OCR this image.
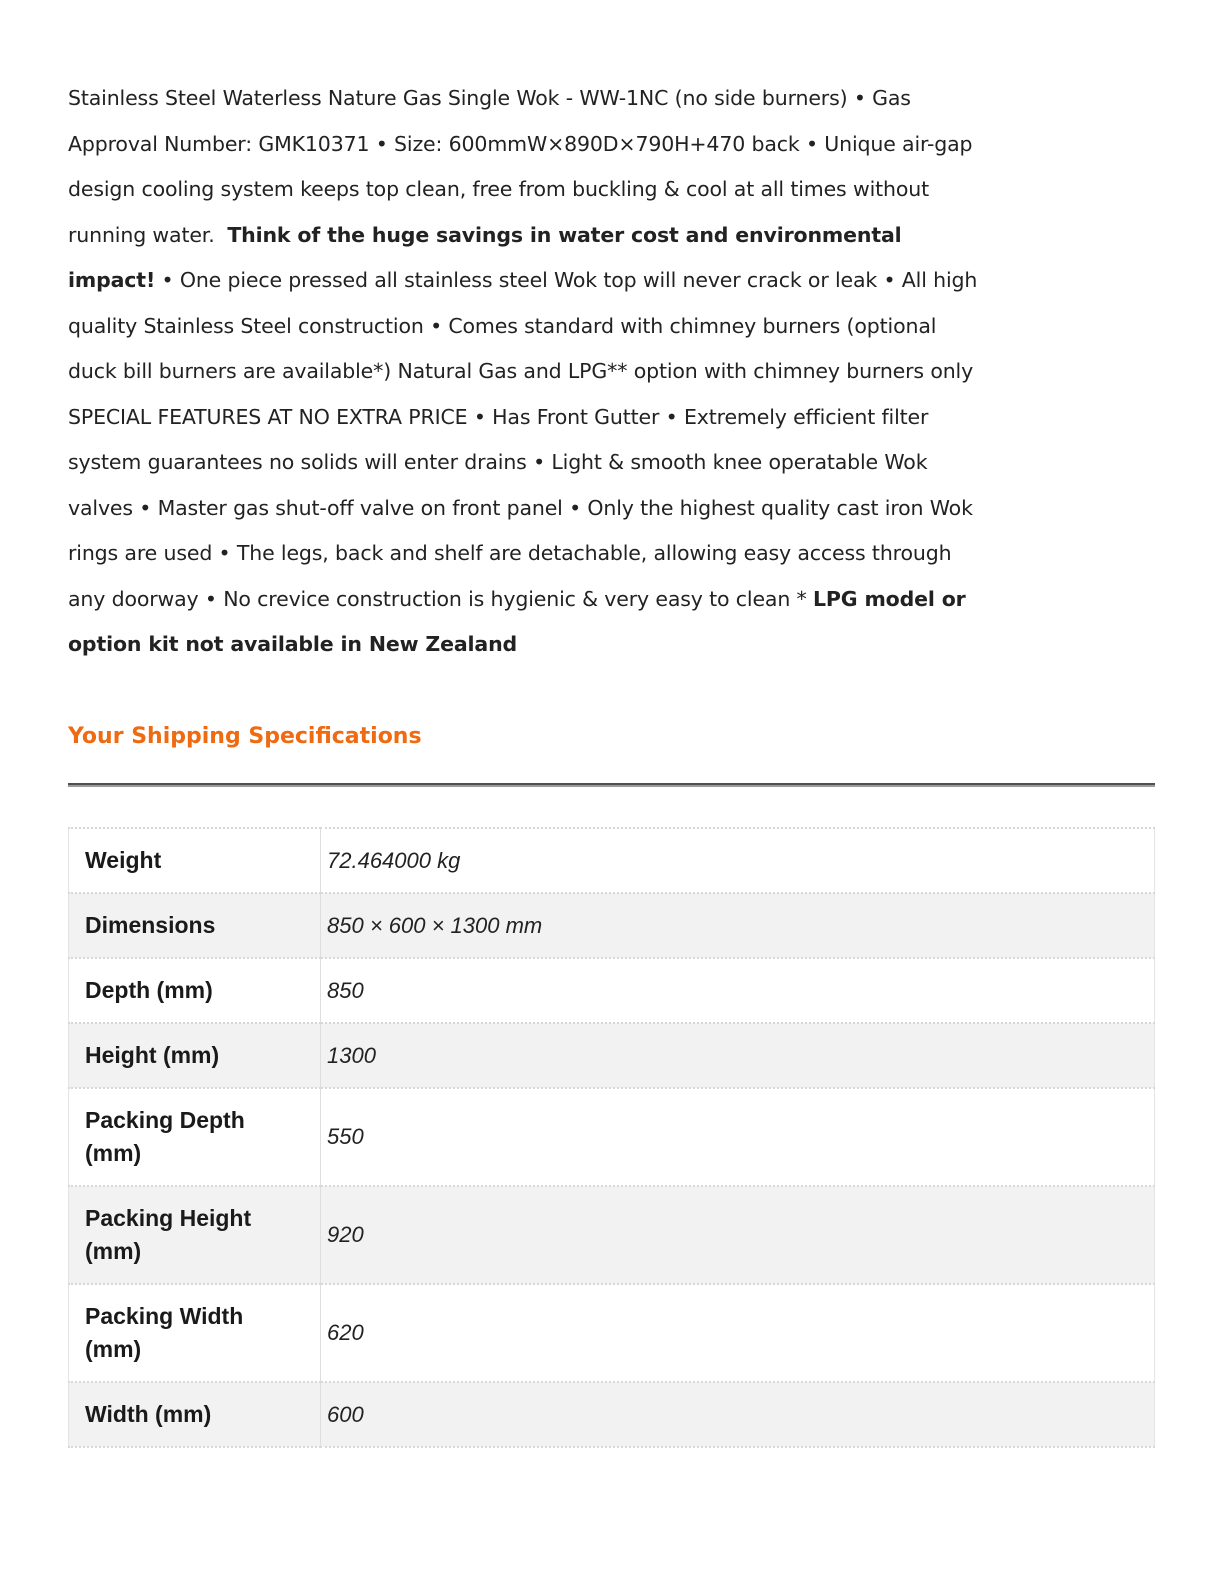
Stainless Steel Waterless Nature Gas Single Wok - WW-1NC (no side burners) • Gas
Approval Number: GMK10371 • Size: 600mmW×890D×790H+470 back • Unique air-gap
design cooling system keeps top clean, free from buckling & cool at all times without
running water.  Think of the huge savings in water cost and environmental
impact! • One piece pressed all stainless steel Wok top will never crack or leak • All high
quality Stainless Steel construction • Comes standard with chimney burners (optional
duck bill burners are available*) Natural Gas and LPG** option with chimney burners only
SPECIAL FEATURES AT NO EXTRA PRICE • Has Front Gutter • Extremely efficient filter
system guarantees no solids will enter drains • Light & smooth knee operatable Wok
valves • Master gas shut-off valve on front panel • Only the highest quality cast iron Wok
rings are used • The legs, back and shelf are detachable, allowing easy access through
any doorway • No crevice construction is hygienic & very easy to clean * LPG model or
option kit not available in New Zealand
Your Shipping Specifications
Weight	72.464000 kg
Dimensions	850 × 600 × 1300 mm
Depth (mm)	850
Height (mm)	1300
Packing Depth (mm)	550
Packing Height (mm)	920
Packing Width (mm)	620
Width (mm)	600
